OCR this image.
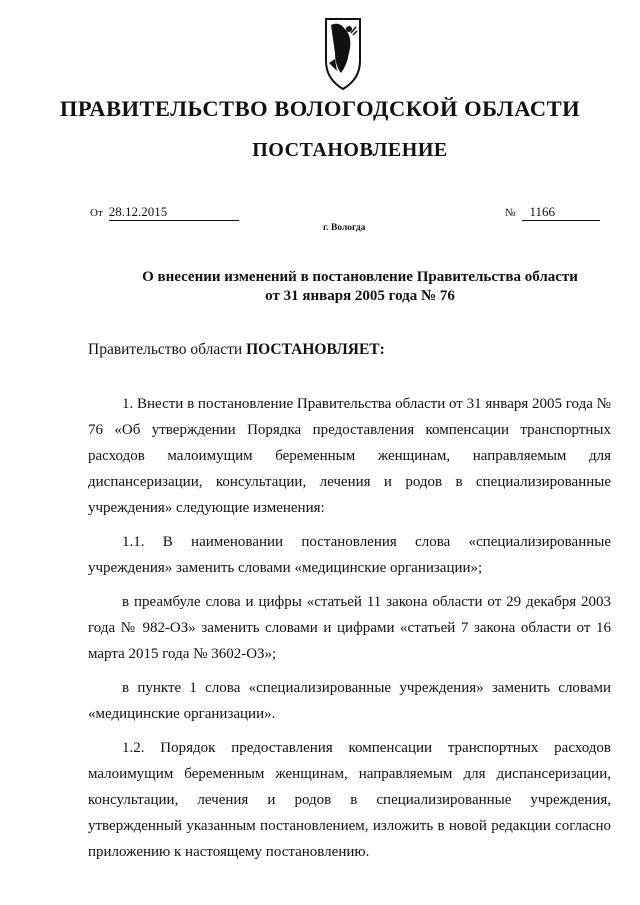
ПРАВИТЕЛЬСТВО ВОЛОГОДСКОЙ ОБЛАСТИ
ПОСТАНОВЛЕНИЕ
От 28.12.2015	№ 1166
г. Вологда
О внесении изменений в постановление Правительства области
от 31 января 2005 года № 76
Правительство области ПОСТАНОВЛЯЕТ:

1. Внести в постановление Правительства области от 31 января 2005 года № 76 «Об утверждении Порядка предоставления компенсации транспортных расходов малоимущим беременным женщинам, направляемым для диспансеризации, консультации, лечения и родов в специализированные учреждения» следующие изменения:

1.1. В наименовании постановления слова «специализированные учреждения» заменить словами «медицинские организации»;

в преамбуле слова и цифры «статьей 11 закона области от 29 декабря 2003 года № 982-ОЗ» заменить словами и цифрами «статьей 7 закона области от 16 марта 2015 года № 3602-ОЗ»;

в пункте 1 слова «специализированные учреждения» заменить словами «медицинские организации».

1.2. Порядок предоставления компенсации транспортных расходов малоимущим беременным женщинам, направляемым для диспансеризации, консультации, лечения и родов в специализированные учреждения, утвержденный указанным постановлением, изложить в новой редакции согласно приложению к настоящему постановлению.
